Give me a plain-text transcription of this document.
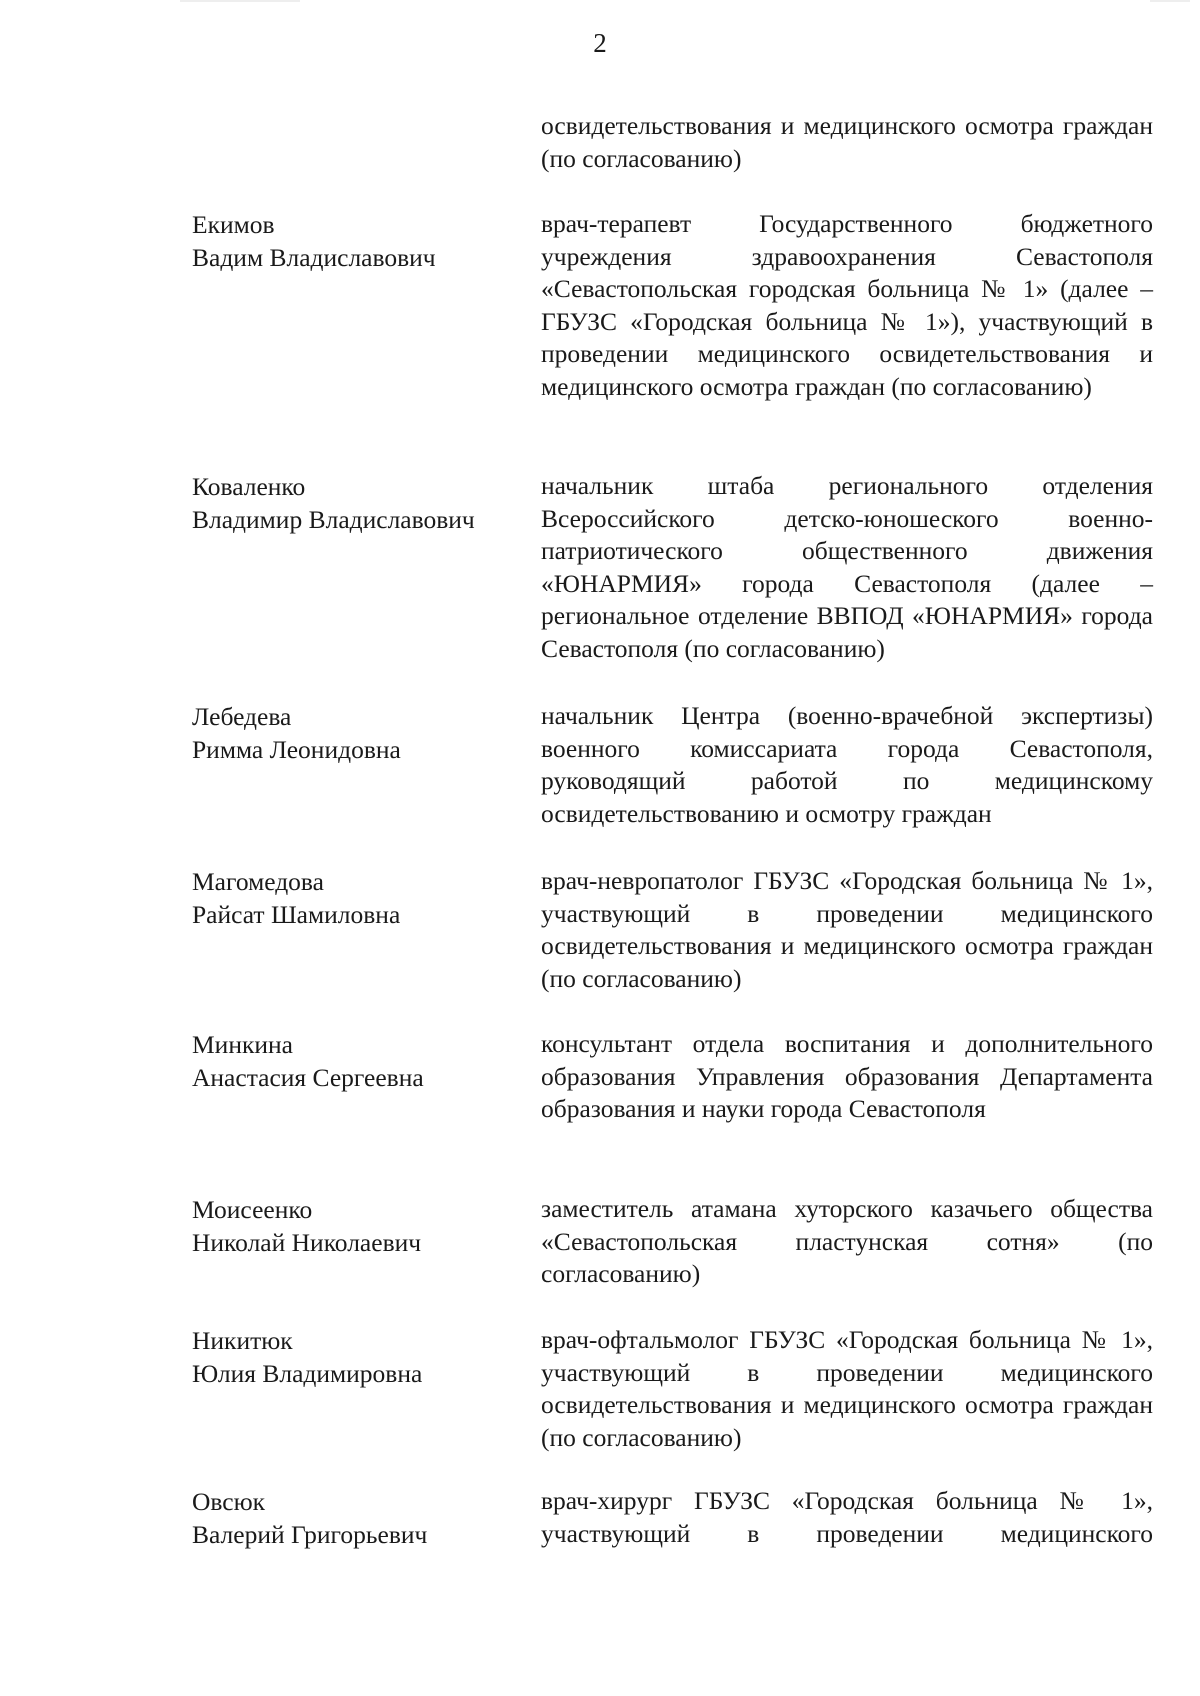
2
освидетельствования и медицинского осмотра граждан (по согласованию)
Екимов
Вадим Владиславович
врач-терапевт Государственного бюджетного учреждения здравоохранения Севастополя «Севастопольская городская больница № 1» (далее – ГБУЗС «Городская больница № 1»), участвующий в проведении медицинского освидетельствования и медицинского осмотра граждан (по согласованию)
Коваленко
Владимир Владиславович
начальник штаба регионального отделения Всероссийского детско-юношеского военно-патриотического общественного движения «ЮНАРМИЯ» города Севастополя (далее – региональное отделение ВВПОД «ЮНАРМИЯ» города Севастополя (по согласованию)
Лебедева
Римма Леонидовна
начальник Центра (военно-врачебной экспертизы) военного комиссариата города Севастополя, руководящий работой по медицинскому освидетельствованию и осмотру граждан
Магомедова
Райсат Шамиловна
врач-невропатолог ГБУЗС «Городская больница № 1», участвующий в проведении медицинского освидетельствования и медицинского осмотра граждан (по согласованию)
Минкина
Анастасия Сергеевна
консультант отдела воспитания и дополнительного образования Управления образования Департамента образования и науки города Севастополя
Моисеенко
Николай Николаевич
заместитель атамана хуторского казачьего общества «Севастопольская пластунская сотня» (по согласованию)
Никитюк
Юлия Владимировна
врач-офтальмолог ГБУЗС «Городская больница № 1», участвующий в проведении медицинского освидетельствования и медицинского осмотра граждан (по согласованию)
Овсюк
Валерий Григорьевич
врач-хирург ГБУЗС «Городская больница № 1», участвующий в проведении медицинского
